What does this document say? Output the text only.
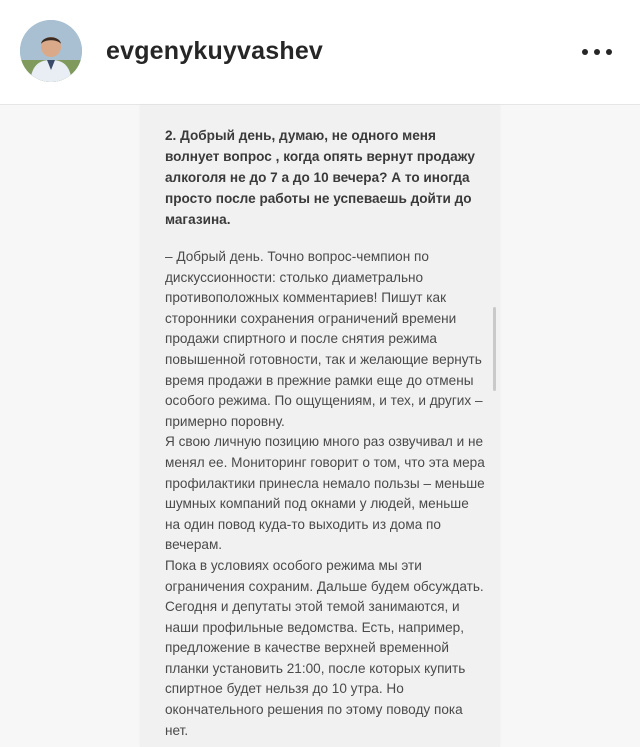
evgenykuyvashev

2. Добрый день, думаю, не одного меня волнует вопрос , когда опять вернут продажу алкоголя не до 7 а до 10 вечера? А то иногда просто после работы не успеваешь дойти до магазина.

– Добрый день. Точно вопрос-чемпион по дискуссионности: столько диаметрально противоположных комментариев! Пишут как сторонники сохранения ограничений времени продажи спиртного и после снятия режима повышенной готовности, так и желающие вернуть время продажи в прежние рамки еще до отмены особого режима. По ощущениям, и тех, и других – примерно поровну.

Я свою личную позицию много раз озвучивал и не менял ее. Мониторинг говорит о том, что эта мера профилактики принесла немало пользы – меньше шумных компаний под окнами у людей, меньше на один повод куда-то выходить из дома по вечерам.

Пока в условиях особого режима мы эти ограничения сохраним. Дальше будем обсуждать. Сегодня и депутаты этой темой занимаются, и наши профильные ведомства. Есть, например, предложение в качестве верхней временной планки установить 21:00, после которых купить спиртное будет нельзя до 10 утра. Но окончательного решения по этому поводу пока нет.
